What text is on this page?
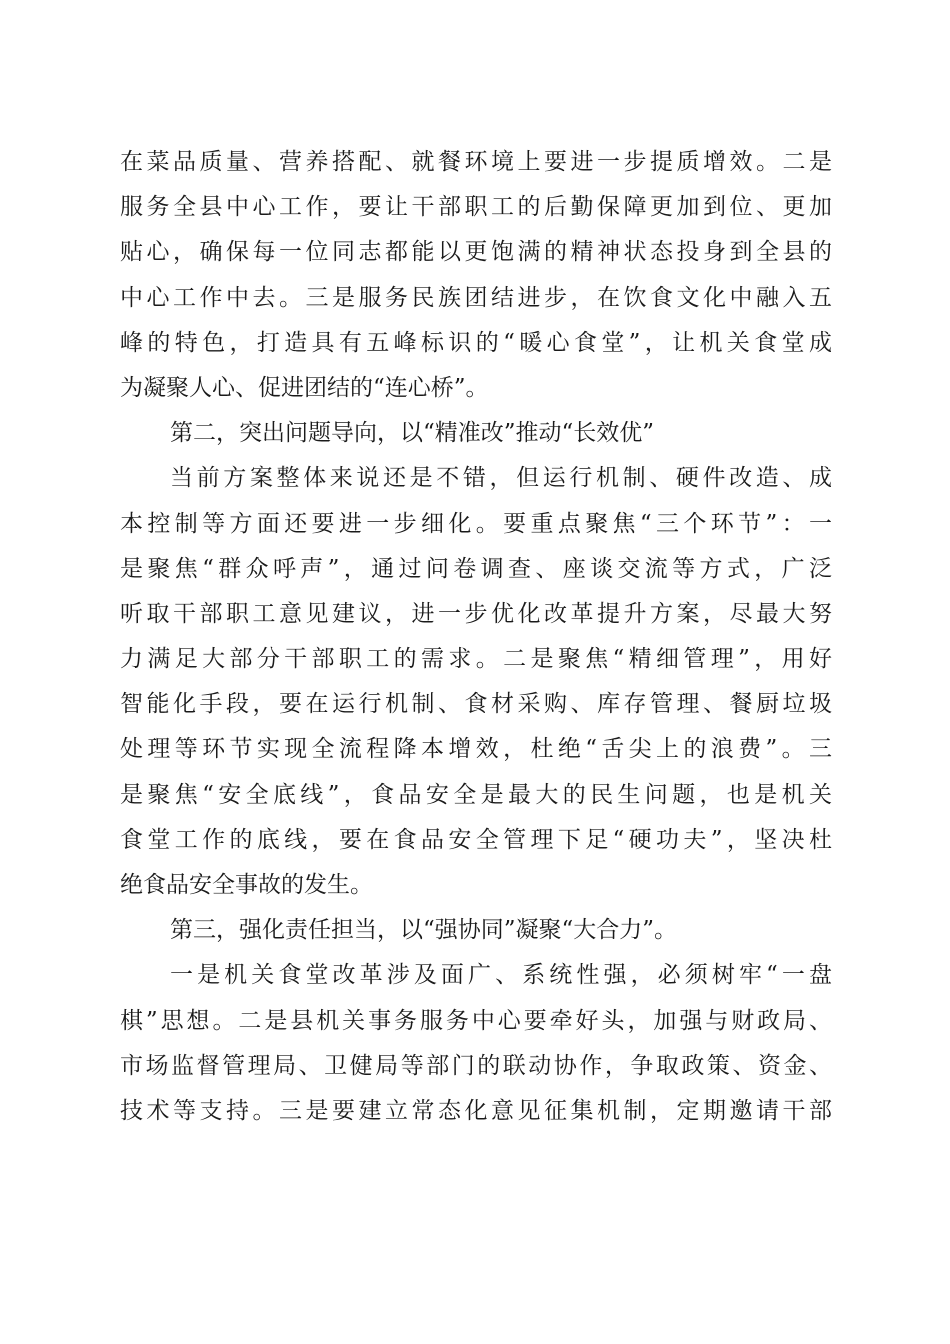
在菜品质量、营养搭配、就餐环境上要进一步提质增效。二是
服务全县中心工作，要让干部职工的后勤保障更加到位、更加
贴心，确保每一位同志都能以更饱满的精神状态投身到全县的
中心工作中去。三是服务民族团结进步，在饮食文化中融入五
峰的特色，打造具有五峰标识的“暖心食堂”，让机关食堂成
为凝聚人心、促进团结的“连心桥”。
第二，突出问题导向，以“精准改”推动“长效优”
当前方案整体来说还是不错，但运行机制、硬件改造、成
本控制等方面还要进一步细化。要重点聚焦“三个环节”：一
是聚焦“群众呼声”，通过问卷调查、座谈交流等方式，广泛
听取干部职工意见建议，进一步优化改革提升方案，尽最大努
力满足大部分干部职工的需求。二是聚焦“精细管理”，用好
智能化手段，要在运行机制、食材采购、库存管理、餐厨垃圾
处理等环节实现全流程降本增效，杜绝“舌尖上的浪费”。三
是聚焦“安全底线”，食品安全是最大的民生问题，也是机关
食堂工作的底线，要在食品安全管理下足“硬功夫”，坚决杜
绝食品安全事故的发生。
第三，强化责任担当，以“强协同”凝聚“大合力”。
一是机关食堂改革涉及面广、系统性强，必须树牢“一盘
棋”思想。二是县机关事务服务中心要牵好头，加强与财政局、
市场监督管理局、卫健局等部门的联动协作，争取政策、资金、
技术等支持。三是要建立常态化意见征集机制，定期邀请干部
